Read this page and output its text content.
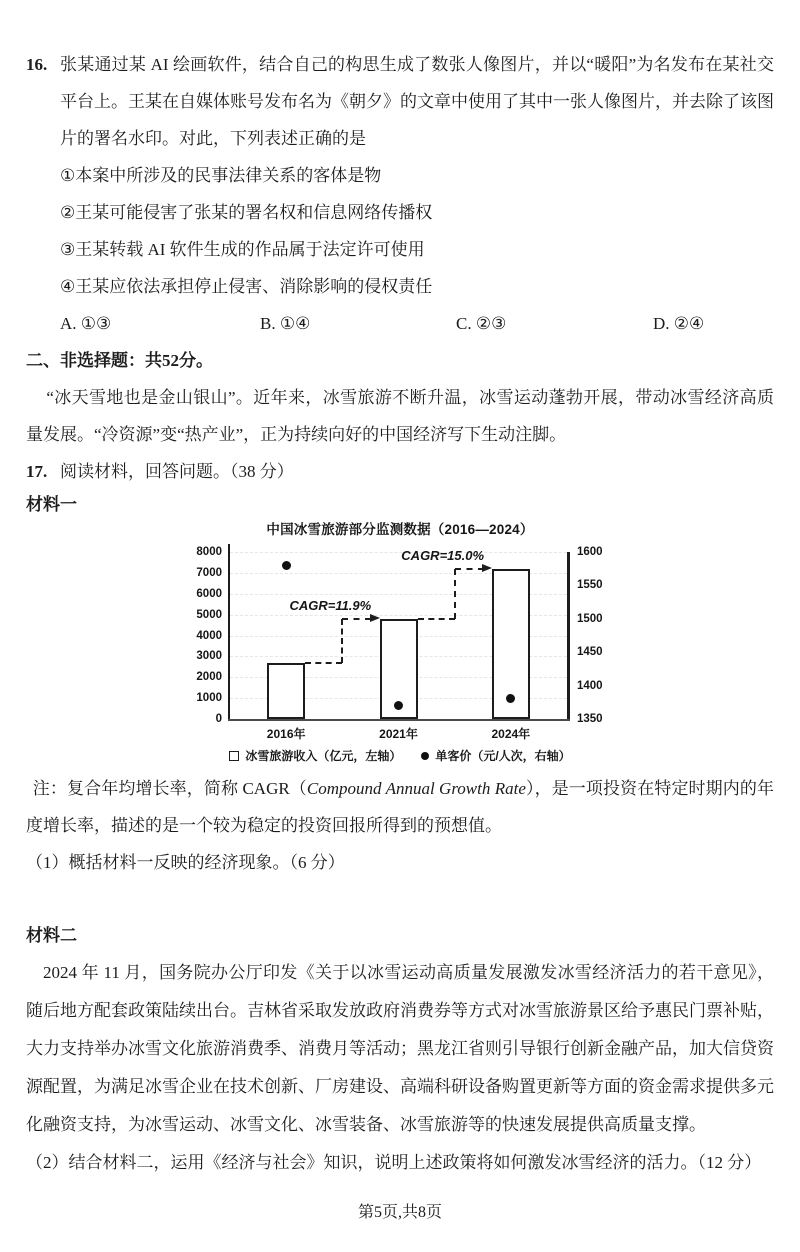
16. 张某通过某 AI 绘画软件，结合自己的构思生成了数张人像图片，并以“暖阳”为名发布在某社交平台上。王某在自媒体账号发布名为《朝夕》的文章中使用了其中一张人像图片，并去除了该图片的署名水印。对此，下列表述正确的是

①本案中所涉及的民事法律关系的客体是物

②王某可能侵害了张某的署名权和信息网络传播权

③王某转载 AI 软件生成的作品属于法定许可使用

④王某应依法承担停止侵害、消除影响的侵权责任

A. ①③	B. ①④	C. ②③	D. ②④
二、非选择题：共52分。

“冰天雪地也是金山银山”。近年来，冰雪旅游不断升温，冰雪运动蓬勃开展，带动冰雪经济高质量发展。“冷资源”变“热产业”，正为持续向好的中国经济写下生动注脚。

17. 阅读材料，回答问题。（38 分）
材料一
中国冰雪旅游部分监测数据（2016—2024）
0
1000
2000
3000
4000
5000
6000
7000
8000
1350
1400
1450
1500
1550
1600
2016年	2021年	2024年
CAGR=11.9%
CAGR=15.0%
冰雪旅游收入（亿元，左轴）	单客价（元/人次，右轴）

注：复合年均增长率，简称 CAGR（Compound Annual Growth Rate），是一项投资在特定时期内的年度增长率，描述的是一个较为稳定的投资回报所得到的预想值。

（1）概括材料一反映的经济现象。（6 分）

材料二

2024 年 11 月，国务院办公厅印发《关于以冰雪运动高质量发展激发冰雪经济活力的若干意见》，随后地方配套政策陆续出台。吉林省采取发放政府消费券等方式对冰雪旅游景区给予惠民门票补贴，大力支持举办冰雪文化旅游消费季、消费月等活动；黑龙江省则引导银行创新金融产品，加大信贷资源配置，为满足冰雪企业在技术创新、厂房建设、高端科研设备购置更新等方面的资金需求提供多元化融资支持，为冰雪运动、冰雪文化、冰雪装备、冰雪旅游等的快速发展提供高质量支撑。

（2）结合材料二，运用《经济与社会》知识，说明上述政策将如何激发冰雪经济的活力。（12 分）

第5页,共8页
